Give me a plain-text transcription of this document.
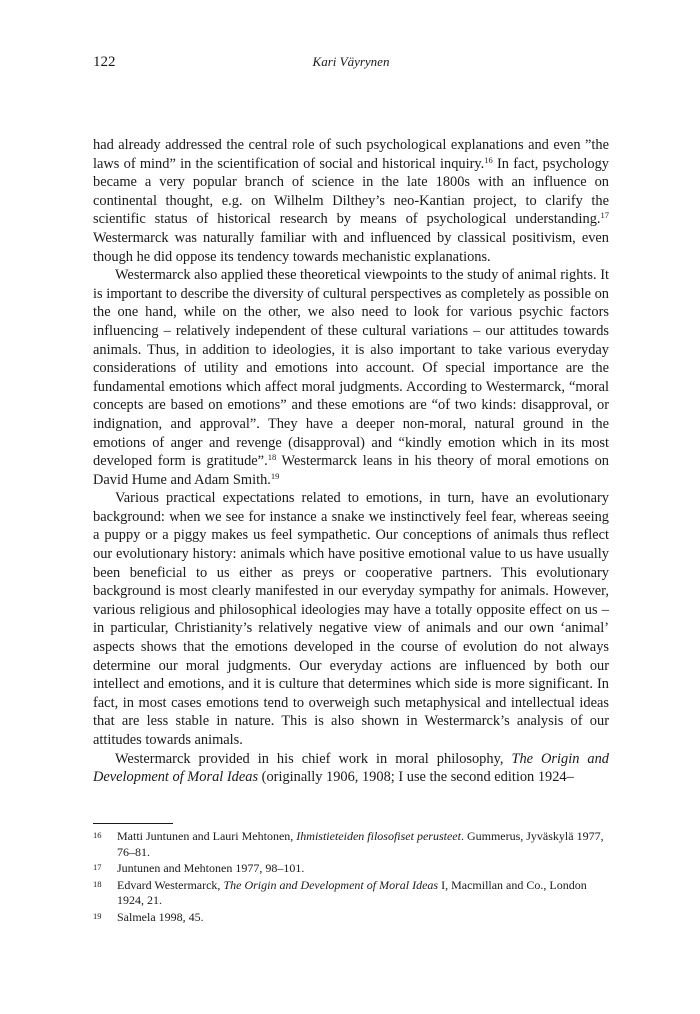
122	Kari Väyrynen

had already addressed the central role of such psychological explanations and even ”the laws of mind” in the scientification of social and historical inquiry.$^{16}$ In fact, psychology became a very popular branch of science in the late 1800s with an influence on continental thought, e.g. on Wilhelm Dilthey’s neo-Kantian project, to clarify the scientific status of historical research by means of psychological understanding.$^{17}$ Westermarck was naturally familiar with and influenced by classical positivism, even though he did oppose its tendency towards mechanistic explanations.

Westermarck also applied these theoretical viewpoints to the study of animal rights. It is important to describe the diversity of cultural perspectives as completely as possible on the one hand, while on the other, we also need to look for various psychic factors influencing – relatively independent of these cultural variations – our attitudes towards animals. Thus, in addition to ideologies, it is also important to take various everyday considerations of utility and emotions into account. Of special importance are the fundamental emotions which affect moral judgments. According to Westermarck, “moral concepts are based on emotions” and these emotions are “of two kinds: disapproval, or indignation, and approval”. They have a deeper non-moral, natural ground in the emotions of anger and revenge (disapproval) and “kindly emotion which in its most developed form is gratitude”.$^{18}$ Westermarck leans in his theory of moral emotions on David Hume and Adam Smith.$^{19}$

Various practical expectations related to emotions, in turn, have an evolutionary background: when we see for instance a snake we instinctively feel fear, whereas seeing a puppy or a piggy makes us feel sympathetic. Our conceptions of animals thus reflect our evolutionary history: animals which have positive emotional value to us have usually been beneficial to us either as preys or cooperative partners. This evolutionary background is most clearly manifested in our everyday sympathy for animals. However, various religious and philosophical ideologies may have a totally opposite effect on us – in particular, Christianity’s relatively negative view of animals and our own ‘animal’ aspects shows that the emotions developed in the course of evolution do not always determine our moral judgments. Our everyday actions are influenced by both our intellect and emotions, and it is culture that determines which side is more significant. In fact, in most cases emotions tend to overweigh such metaphysical and intellectual ideas that are less stable in nature. This is also shown in Westermarck’s analysis of our attitudes towards animals.

Westermarck provided in his chief work in moral philosophy, The Origin and Development of Moral Ideas (originally 1906, 1908; I use the second edition 1924–

16 Matti Juntunen and Lauri Mehtonen, Ihmistieteiden filosofiset perusteet. Gummerus, Jyväskylä 1977, 76–81.
17 Juntunen and Mehtonen 1977, 98–101.
18 Edvard Westermarck, The Origin and Development of Moral Ideas I, Macmillan and Co., London 1924, 21.
19 Salmela 1998, 45.
